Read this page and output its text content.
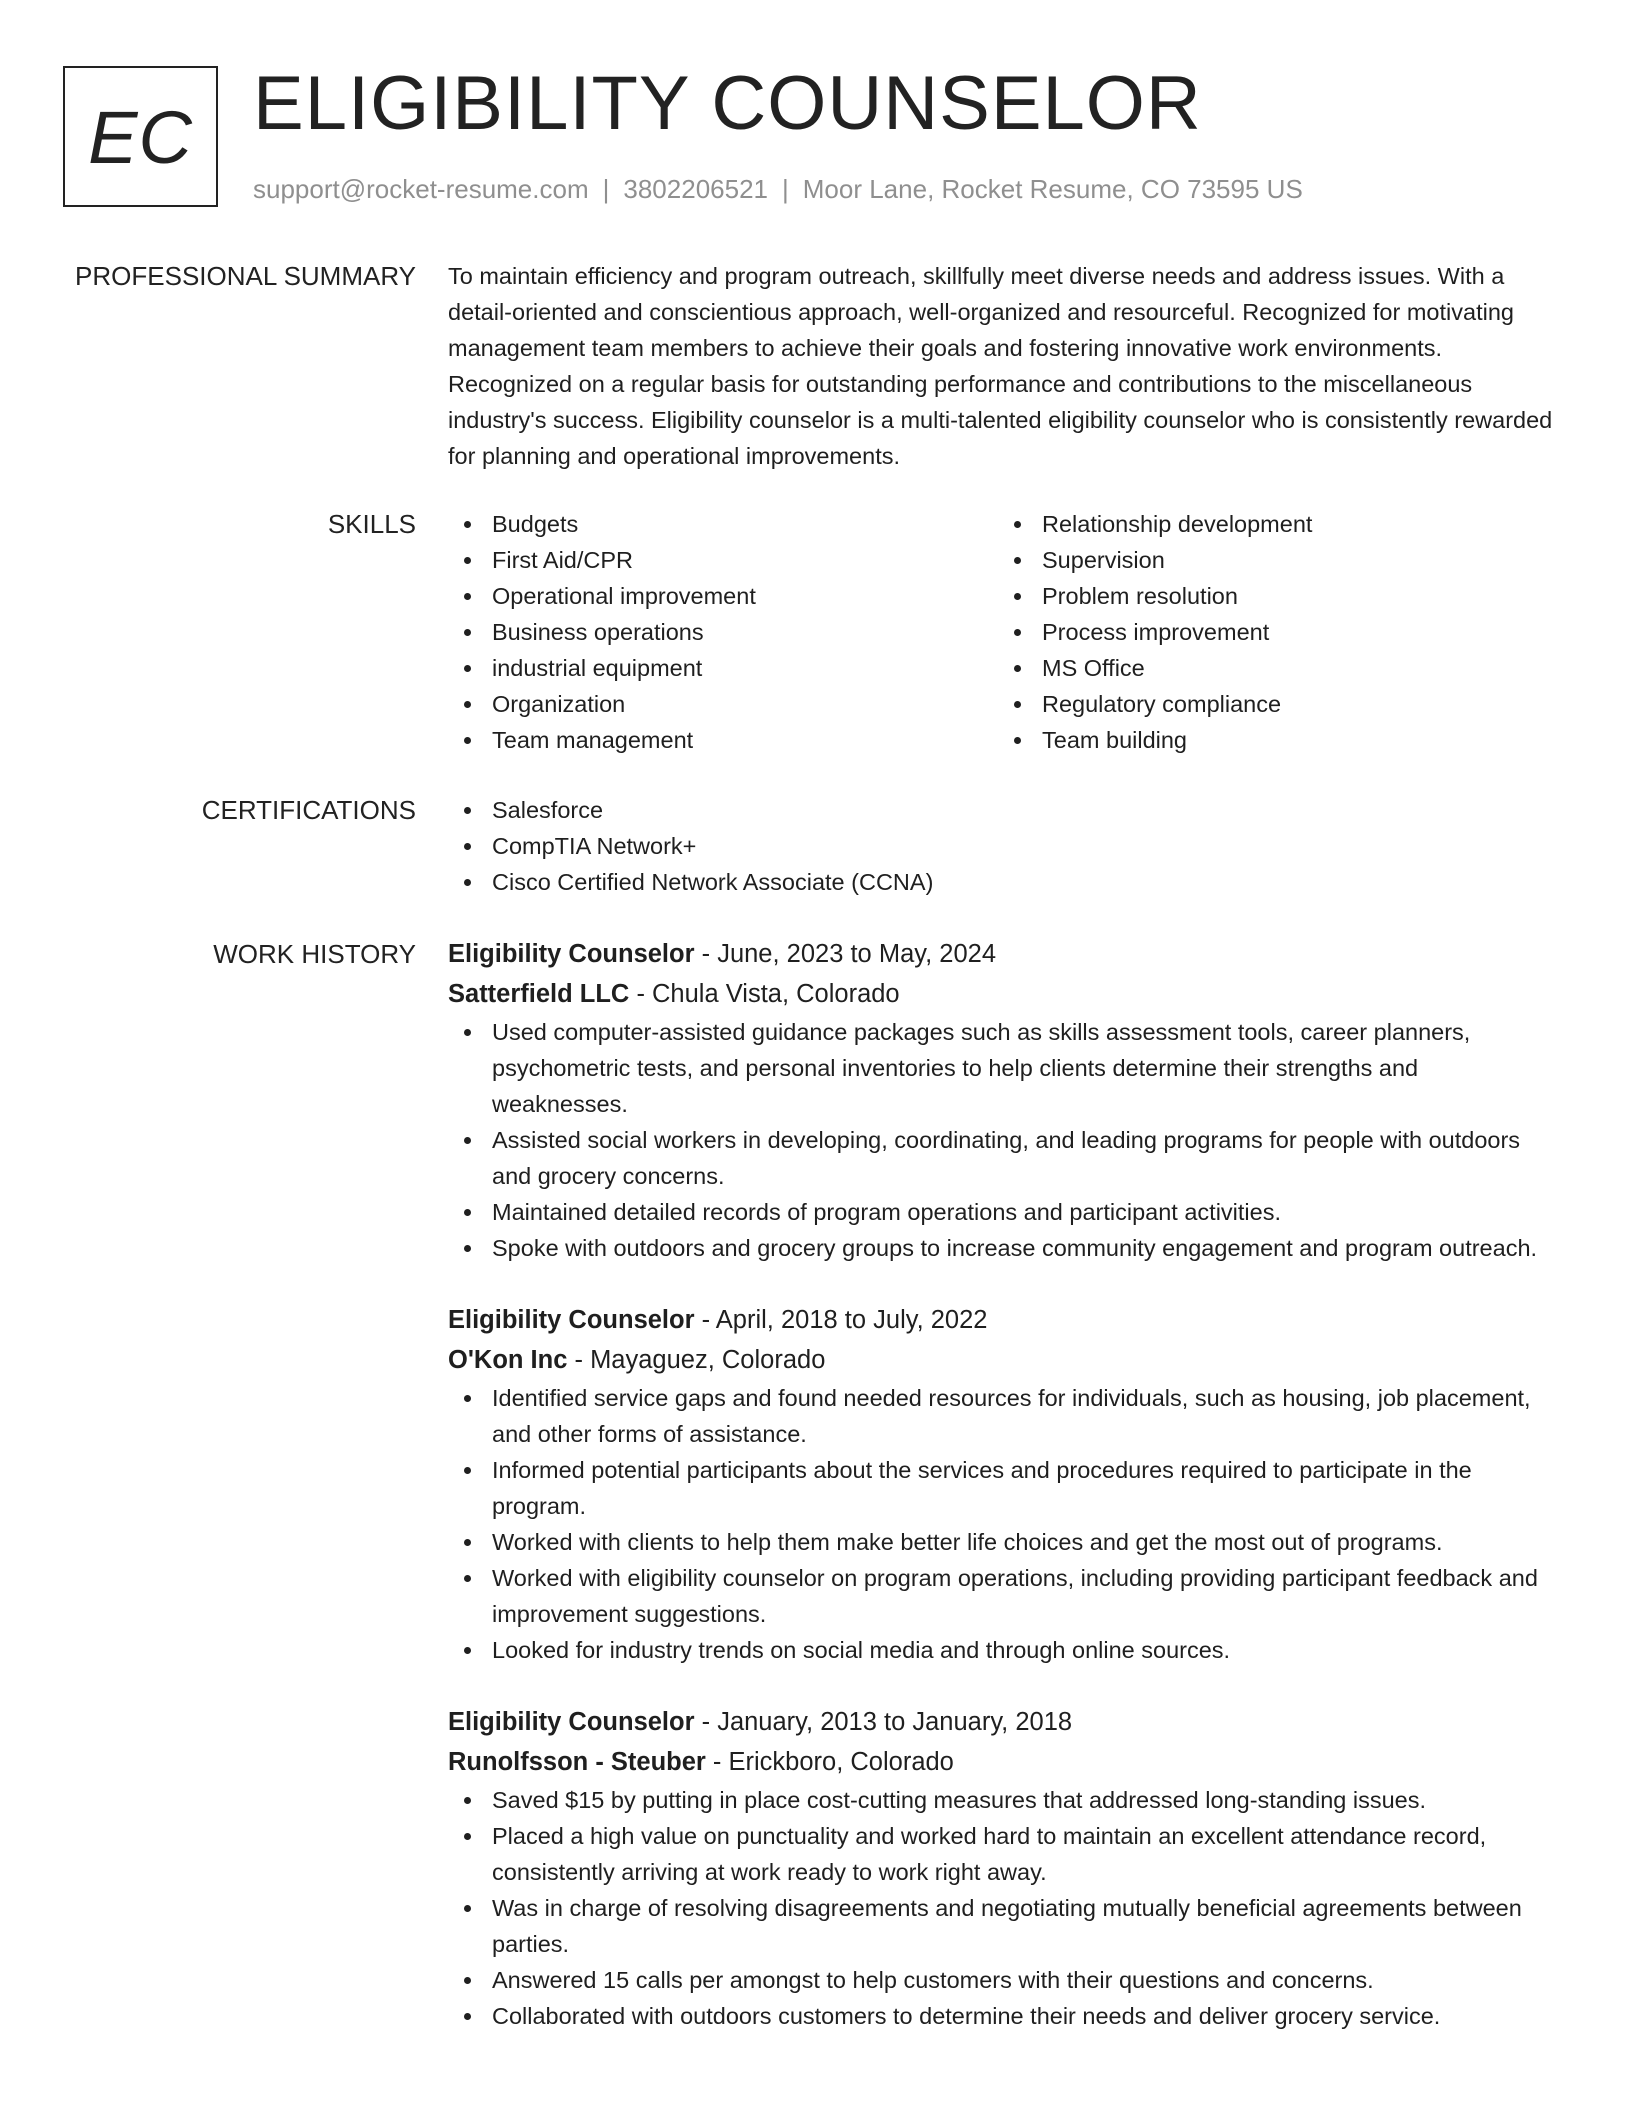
EC ELIGIBILITY COUNSELOR
support@rocket-resume.com | 3802206521 | Moor Lane, Rocket Resume, CO 73595 US
PROFESSIONAL SUMMARY To maintain efficiency and program outreach, skillfully meet diverse needs and address issues. With a detail-oriented and conscientious approach, well-organized and resourceful. Recognized for motivating management team members to achieve their goals and fostering innovative work environments. Recognized on a regular basis for outstanding performance and contributions to the miscellaneous industry's success. Eligibility counselor is a multi-talented eligibility counselor who is consistently rewarded for planning and operational improvements.

SKILLS	Budgets
First Aid/CPR
Operational improvement
Business operations
industrial equipment
Organization
Team management
Relationship development
Supervision
Problem resolution
Process improvement
MS Office
Regulatory compliance
Team building
CERTIFICATIONS	Salesforce
CompTIA Network+
Cisco Certified Network Associate (CCNA)
WORK HISTORY Eligibility Counselor - June, 2023 to May, 2024
Satterfield LLC - Chula Vista, Colorado
Used computer-assisted guidance packages such as skills assessment tools, career planners, psychometric tests, and personal inventories to help clients determine their strengths and weaknesses.
Assisted social workers in developing, coordinating, and leading programs for people with outdoors and grocery concerns.
Maintained detailed records of program operations and participant activities.
Spoke with outdoors and grocery groups to increase community engagement and program outreach.
Eligibility Counselor - April, 2018 to July, 2022
O'Kon Inc - Mayaguez, Colorado
Identified service gaps and found needed resources for individuals, such as housing, job placement, and other forms of assistance.
Informed potential participants about the services and procedures required to participate in the program.
Worked with clients to help them make better life choices and get the most out of programs.
Worked with eligibility counselor on program operations, including providing participant feedback and improvement suggestions.
Looked for industry trends on social media and through online sources.
Eligibility Counselor - January, 2013 to January, 2018
Runolfsson - Steuber - Erickboro, Colorado
Saved $15 by putting in place cost-cutting measures that addressed long-standing issues.
Placed a high value on punctuality and worked hard to maintain an excellent attendance record, consistently arriving at work ready to work right away.
Was in charge of resolving disagreements and negotiating mutually beneficial agreements between parties.
Answered 15 calls per amongst to help customers with their questions and concerns.
Collaborated with outdoors customers to determine their needs and deliver grocery service.
